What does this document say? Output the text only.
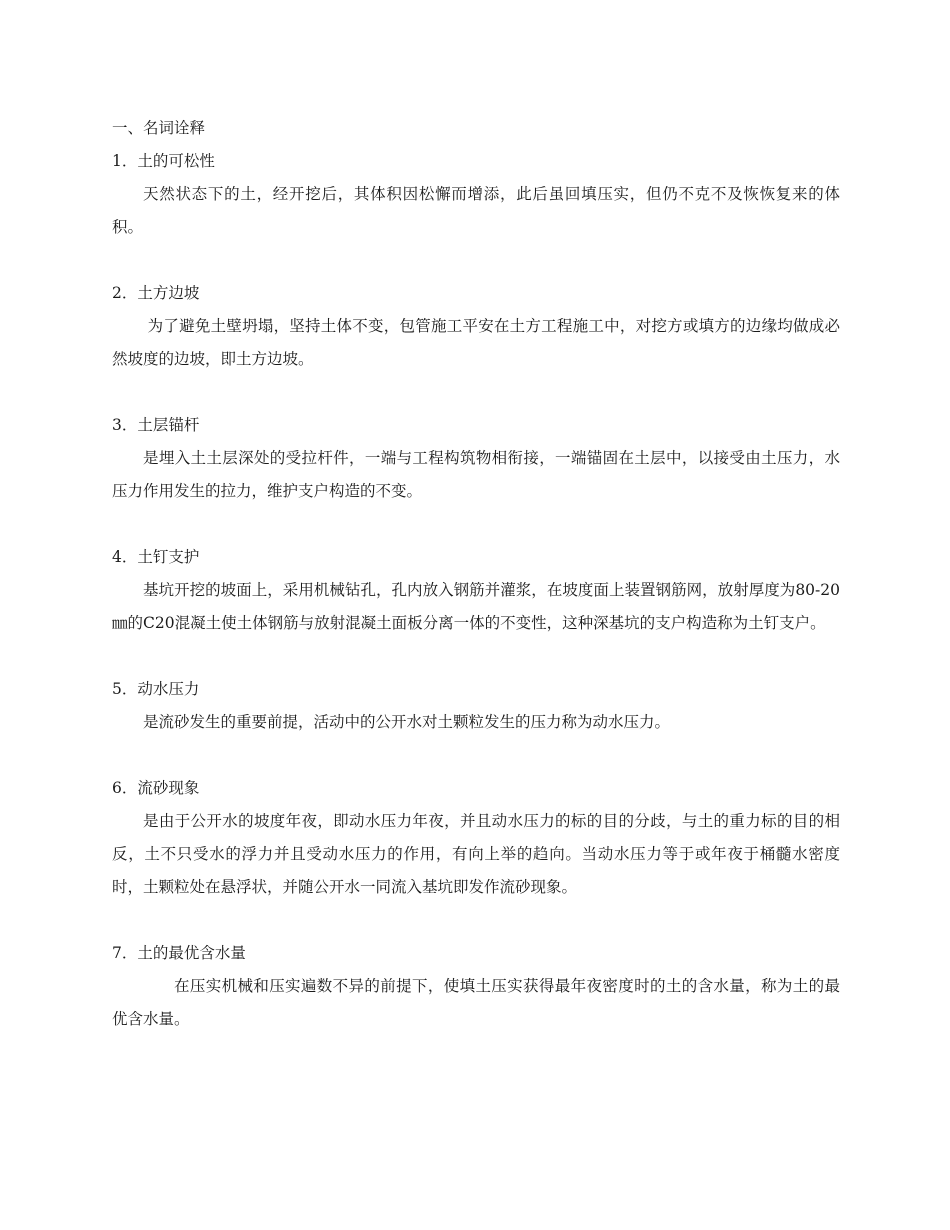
一、名词诠释
1．土的可松性
天然状态下的土，经开挖后，其体积因松懈而增添，此后虽回填压实，但仍不克不及恢恢复来的体积。
2．土方边坡
为了避免土壁坍塌，坚持土体不变，包管施工平安在土方工程施工中，对挖方或填方的边缘均做成必然坡度的边坡，即土方边坡。
3．土层锚杆
是埋入土土层深处的受拉杆件，一端与工程构筑物相衔接，一端锚固在土层中，以接受由土压力，水压力作用发生的拉力，维护支户构造的不变。
4．土钉支护
基坑开挖的坡面上，采用机械钻孔，孔内放入钢筋并灌浆，在坡度面上装置钢筋网，放射厚度为80-20㎜的C20混凝土使土体钢筋与放射混凝土面板分离一体的不变性，这种深基坑的支户构造称为土钉支户。
5．动水压力
是流砂发生的重要前提，活动中的公开水对土颗粒发生的压力称为动水压力。
6．流砂现象
是由于公开水的坡度年夜，即动水压力年夜，并且动水压力的标的目的分歧，与土的重力标的目的相反，土不只受水的浮力并且受动水压力的作用，有向上举的趋向。当动水压力等于或年夜于桶髓水密度时，土颗粒处在悬浮状，并随公开水一同流入基坑即发作流砂现象。
7．土的最优含水量
在压实机械和压实遍数不异的前提下，使填土压实获得最年夜密度时的土的含水量，称为土的最优含水量。
